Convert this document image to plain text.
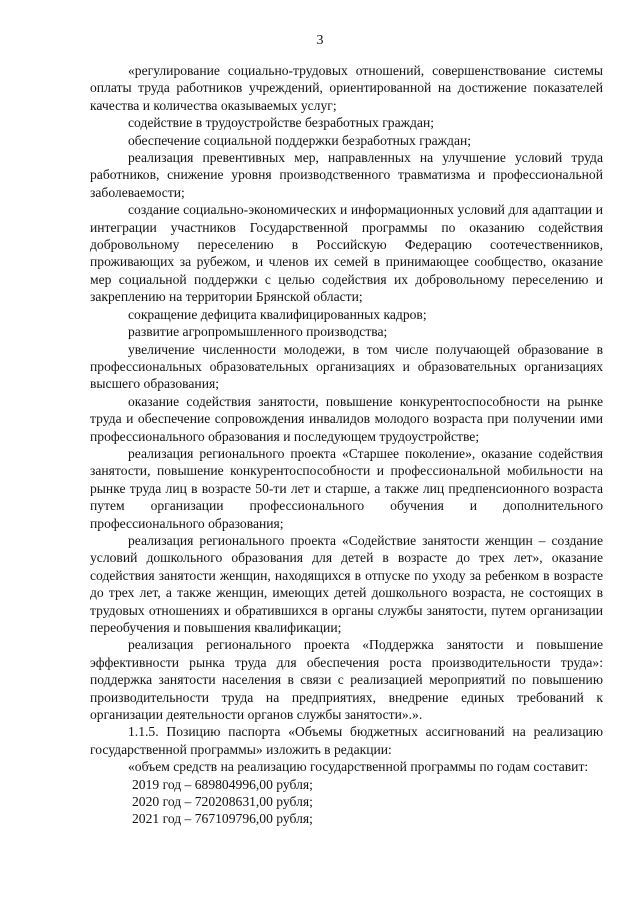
3

«регулирование социально-трудовых отношений, совершенствование системы оплаты труда работников учреждений, ориентированной на достижение показателей качества и количества оказываемых услуг;

содействие в трудоустройстве безработных граждан;

обеспечение социальной поддержки безработных граждан;

реализация превентивных мер, направленных на улучшение условий труда работников, снижение уровня производственного травматизма и профессиональной заболеваемости;

создание социально-экономических и информационных условий для адаптации и интеграции участников Государственной программы по оказанию содействия добровольному переселению в Российскую Федерацию соотечественников, проживающих за рубежом, и членов их семей в принимающее сообщество, оказание мер социальной поддержки с целью содействия их добровольному переселению и закреплению на территории Брянской области;

сокращение дефицита квалифицированных кадров;

развитие агропромышленного производства;

увеличение численности молодежи, в том числе получающей образование в профессиональных образовательных организациях и образовательных организациях высшего образования;

оказание содействия занятости, повышение конкурентоспособности на рынке труда и обеспечение сопровождения инвалидов молодого возраста при получении ими профессионального образования и последующем трудоустройстве;

реализация регионального проекта «Старшее поколение», оказание содействия занятости, повышение конкурентоспособности и профессиональной мобильности на рынке труда лиц в возрасте 50-ти лет и старше, а также лиц предпенсионного возраста путем организации профессионального обучения и дополнительного профессионального образования;

реализация регионального проекта «Содействие занятости женщин – создание условий дошкольного образования для детей в возрасте до трех лет», оказание содействия занятости женщин, находящихся в отпуске по уходу за ребенком в возрасте до трех лет, а также женщин, имеющих детей дошкольного возраста, не состоящих в трудовых отношениях и обратившихся в органы службы занятости, путем организации переобучения и повышения квалификации;

реализация регионального проекта «Поддержка занятости и повышение эффективности рынка труда для обеспечения роста производительности труда»: поддержка занятости населения в связи с реализацией мероприятий по повышению производительности труда на предприятиях, внедрение единых требований к организации деятельности органов службы занятости».».

1.1.5. Позицию паспорта «Объемы бюджетных ассигнований на реализацию государственной программы» изложить в редакции:

«объем средств на реализацию государственной программы по годам составит:

2019 год – 689804996,00 рубля;

2020 год – 720208631,00 рубля;

2021 год – 767109796,00 рубля;
